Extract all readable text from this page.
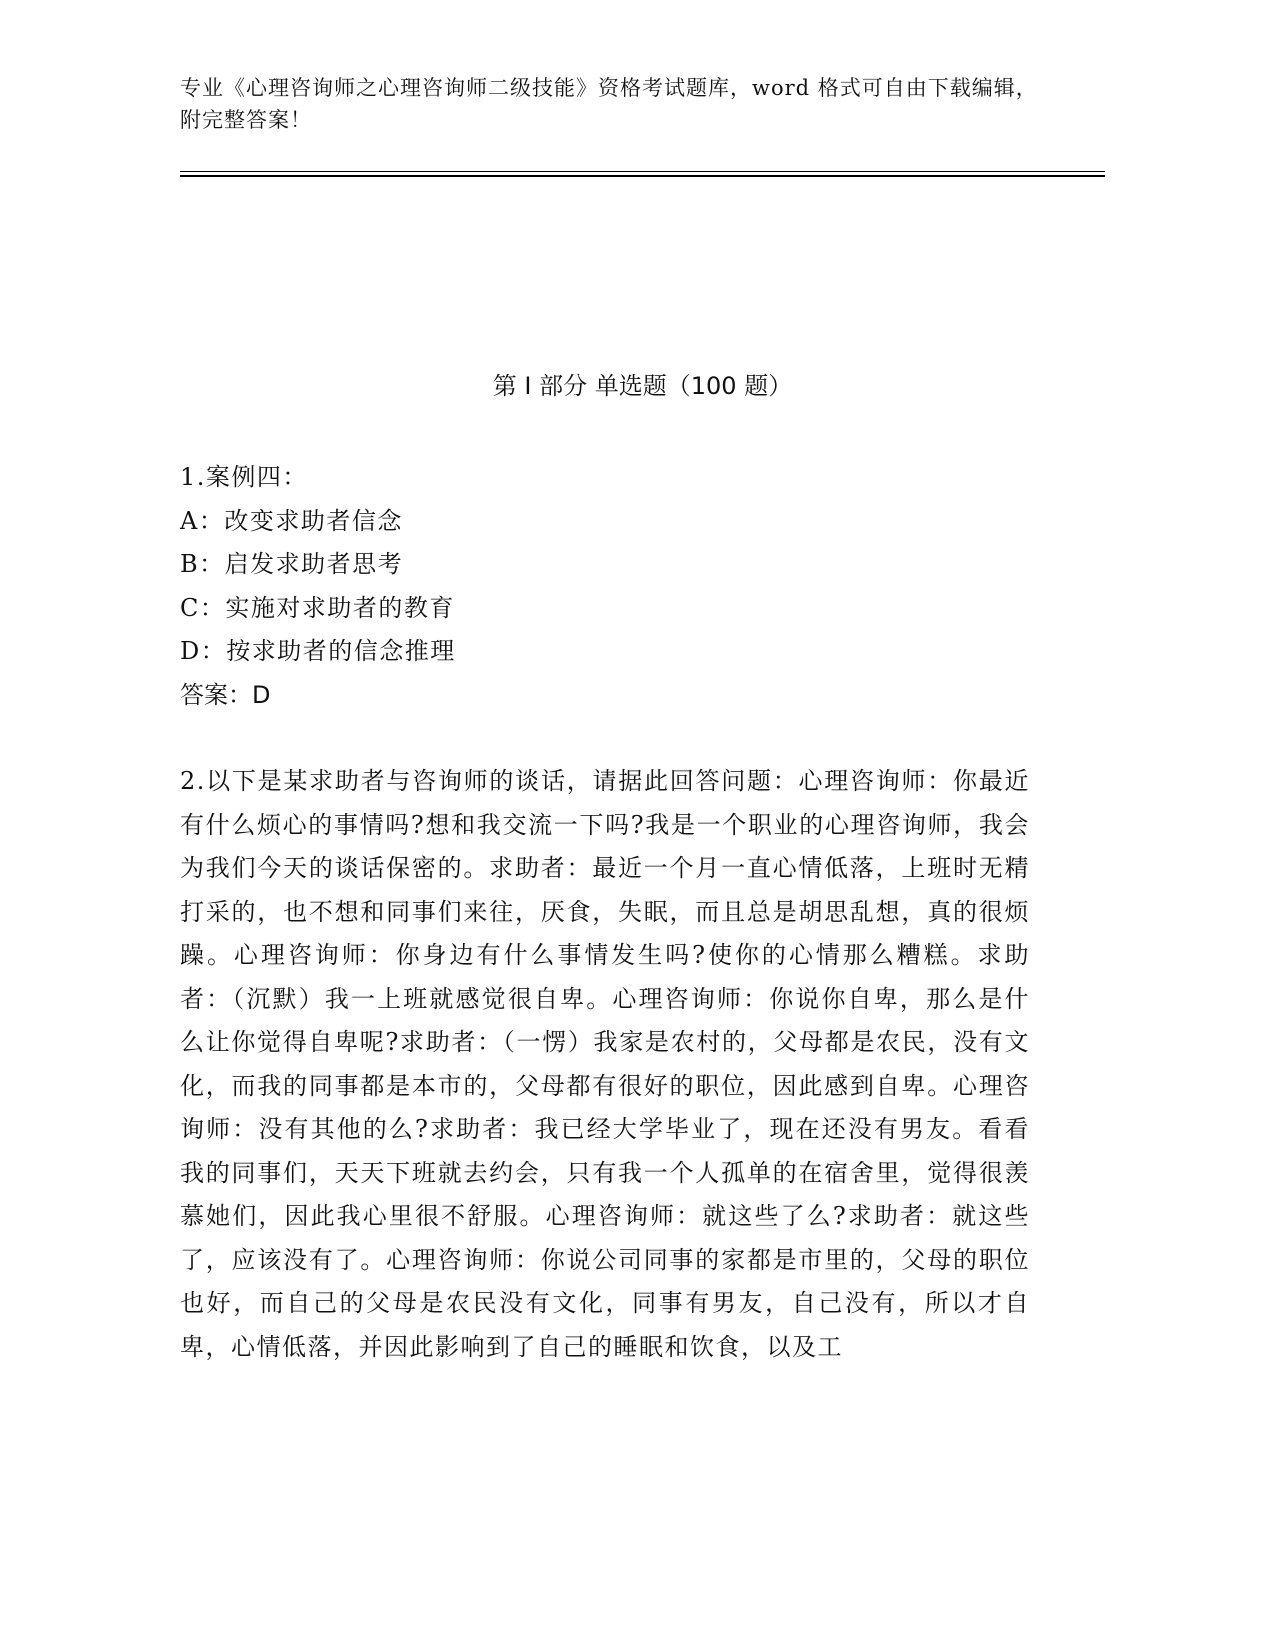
专业《心理咨询师之心理咨询师二级技能》资格考试题库，word 格式可自由下载编辑，附完整答案！
第 I 部分 单选题（100 题）
1.案例四：
A：改变求助者信念
B：启发求助者思考
C：实施对求助者的教育
D：按求助者的信念推理
答案：D
2.以下是某求助者与咨询师的谈话，请据此回答问题：心理咨询师：你最近有什么烦心的事情吗?想和我交流一下吗?我是一个职业的心理咨询师，我会为我们今天的谈话保密的。求助者：最近一个月一直心情低落，上班时无精打采的，也不想和同事们来往，厌食，失眠，而且总是胡思乱想，真的很烦躁。心理咨询师：你身边有什么事情发生吗?使你的心情那么糟糕。求助者：（沉默）我一上班就感觉很自卑。心理咨询师：你说你自卑，那么是什么让你觉得自卑呢?求助者：（一愣）我家是农村的，父母都是农民，没有文化，而我的同事都是本市的，父母都有很好的职位，因此感到自卑。心理咨询师：没有其他的么?求助者：我已经大学毕业了，现在还没有男友。看看我的同事们，天天下班就去约会，只有我一个人孤单的在宿舍里，觉得很羡慕她们，因此我心里很不舒服。心理咨询师：就这些了么?求助者：就这些了，应该没有了。心理咨询师：你说公司同事的家都是市里的，父母的职位也好，而自己的父母是农民没有文化，同事有男友，自己没有，所以才自卑，心情低落，并因此影响到了自己的睡眠和饮食，以及工
